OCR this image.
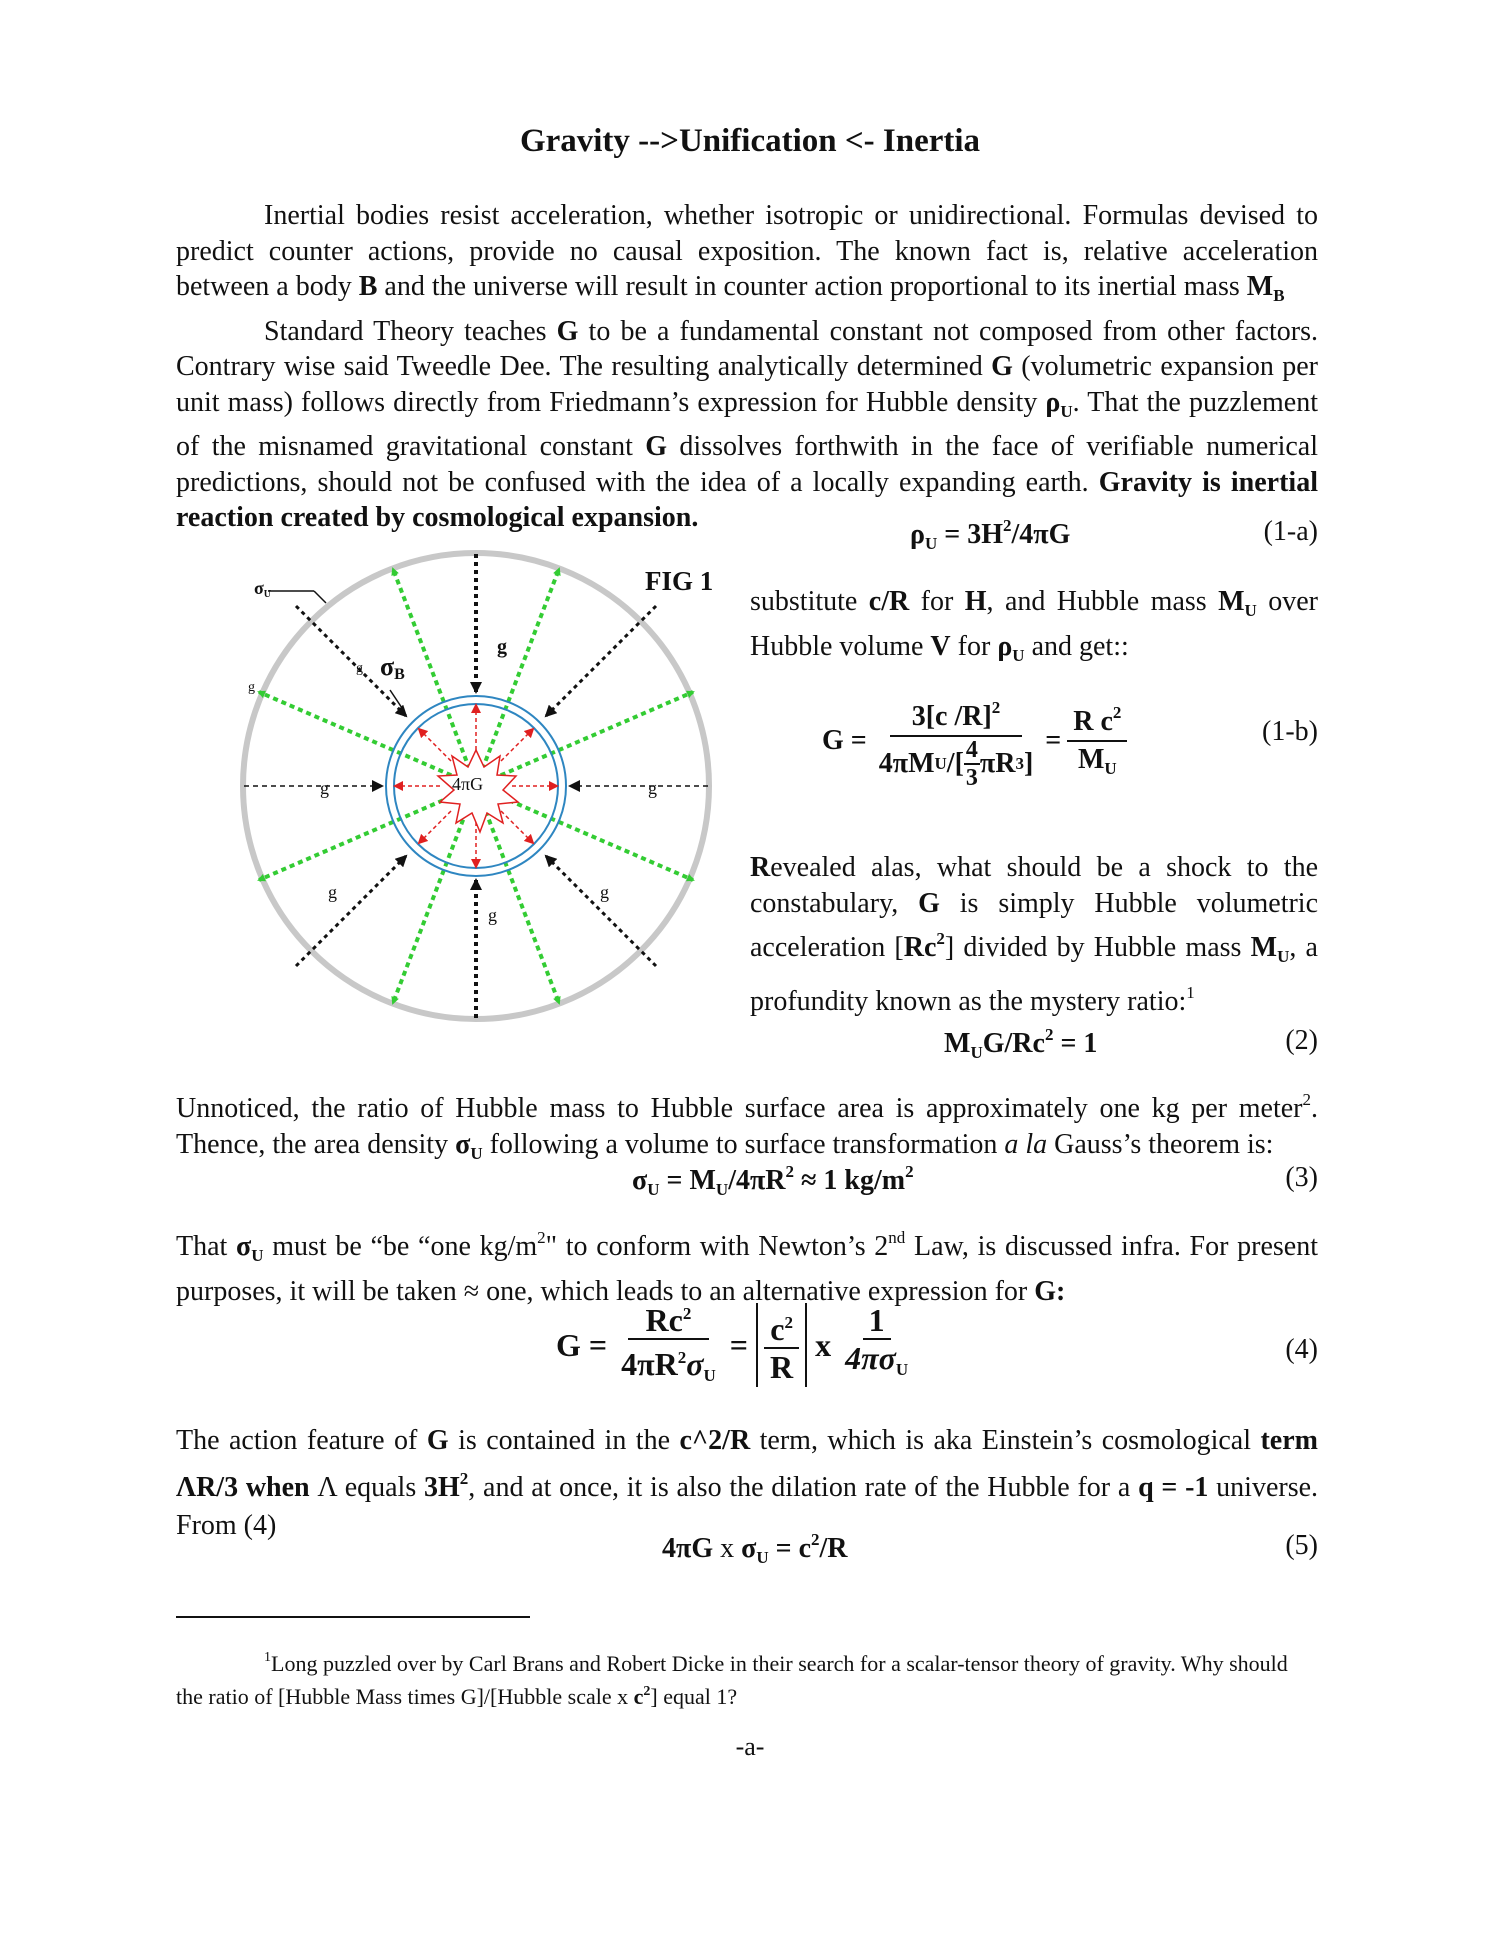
Gravity -->Unification <- Inertia
Inertial bodies resist acceleration, whether isotropic or unidirectional. Formulas devised to predict counter actions, provide no causal exposition. The known fact is, relative acceleration between a body B and the universe will result in counter action proportional to its inertial mass $M_B$
Standard Theory teaches G to be a fundamental constant not composed from other factors. Contrary wise said Tweedle Dee. The resulting analytically determined G (volumetric expansion per unit mass) follows directly from Friedmann’s expression for Hubble density $\rho_U$. That the puzzlement of the misnamed gravitational constant G dissolves forthwith in the face of verifiable numerical predictions, should not be confused with the idea of a locally expanding earth. Gravity is inertial reaction created by cosmological expansion.
$\rho_U = 3H^2/4\pi G$	(1-a)
FIG 1
4πG
σU
σB
g
g
g
g	g
g
g
g
substitute c/R for H, and Hubble mass $M_U$ over Hubble volume V for $\rho_U$ and get::
$G = \frac{3[c /R]^2}{4\pi M U /[ \frac{4}{3} \pi R 3 ]} = \frac{R c^2}{M_U}$	(1-b)
Revealed alas, what should be a shock to the constabulary, G is simply Hubble volumetric acceleration [Rc$^2$] divided by Hubble mass $M_U$, a profundity known as the mystery ratio:$^1$
$M_UG/Rc^2 = 1$	(2)
Unnoticed, the ratio of Hubble mass to Hubble surface area is approximately one kg per meter$^2$. Thence, the area density $\sigma_U$ following a volume to surface transformation a la Gauss’s theorem is:
$\sigma_U = M_U/4\pi R^2 \approx 1$ $kg/m^2$	(3)
That $\sigma_U$ must be “be “one $kg/m^2$" to conform with Newton’s 2nd Law, is discussed infra. For present purposes, it will be taken ≈ one, which leads to an alternative expression for G:
$G = \frac{Rc^2}{4\pi R^2\sigma_U} = \frac{c^2}{R}$ x $\frac{1}{4\pi\sigma_U}$	(4)
The action feature of G is contained in the c^2/R term, which is aka Einstein’s cosmological term ΛR/3 when Λ equals $3H^2$, and at once, it is also the dilation rate of the Hubble for a q = -1 universe. From (4)
4πG x $\sigma_U = c^2/R$	(5)
$^1$Long puzzled over by Carl Brans and Robert Dicke in their search for a scalar-tensor theory of gravity. Why should the ratio of [Hubble Mass times G]/[Hubble scale x $c^2$] equal 1?
-a-
